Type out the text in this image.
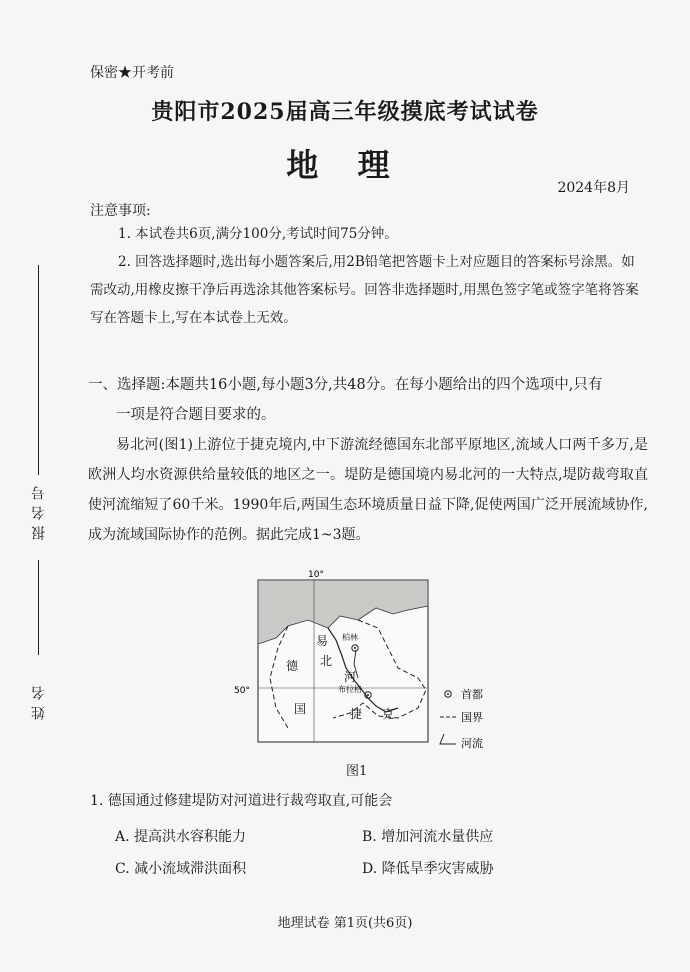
报名号
姓名

保密★开考前

贵阳市2025届高三年级摸底考试试卷

地 理

2024年8月

注意事项:

1. 本试卷共6页,满分100分,考试时间75分钟。

2. 回答选择题时,选出每小题答案后,用2B铅笔把答题卡上对应题目的答案标号涂黑。如需改动,用橡皮擦干净后再选涂其他答案标号。回答非选择题时,用黑色签字笔或签字笔将答案写在答题卡上,写在本试卷上无效。

一、选择题:本题共16小题,每小题3分,共48分。在每小题给出的四个选项中,只有
一项是符合题目要求的。

易北河(图1)上游位于捷克境内,中下游流经德国东北部平原地区,流域人口两千多万,是欧洲人均水资源供给量较低的地区之一。堤防是德国境内易北河的一大特点,堤防裁弯取直使河流缩短了60千米。1990年后,两国生态环境质量日益下降,促使两国广泛开展流域协作,成为流域国际协作的范例。据此完成1~3题。

10°
50°
易
北
河
德
国	捷 克
柏林
布拉格	首都
国界
河流

图1

1. 德国通过修建堤防对河道进行裁弯取直,可能会

A. 提高洪水容积能力	B. 增加河流水量供应

C. 减小流域滞洪面积	D. 降低旱季灾害威胁

地理试卷 第1页(共6页)
